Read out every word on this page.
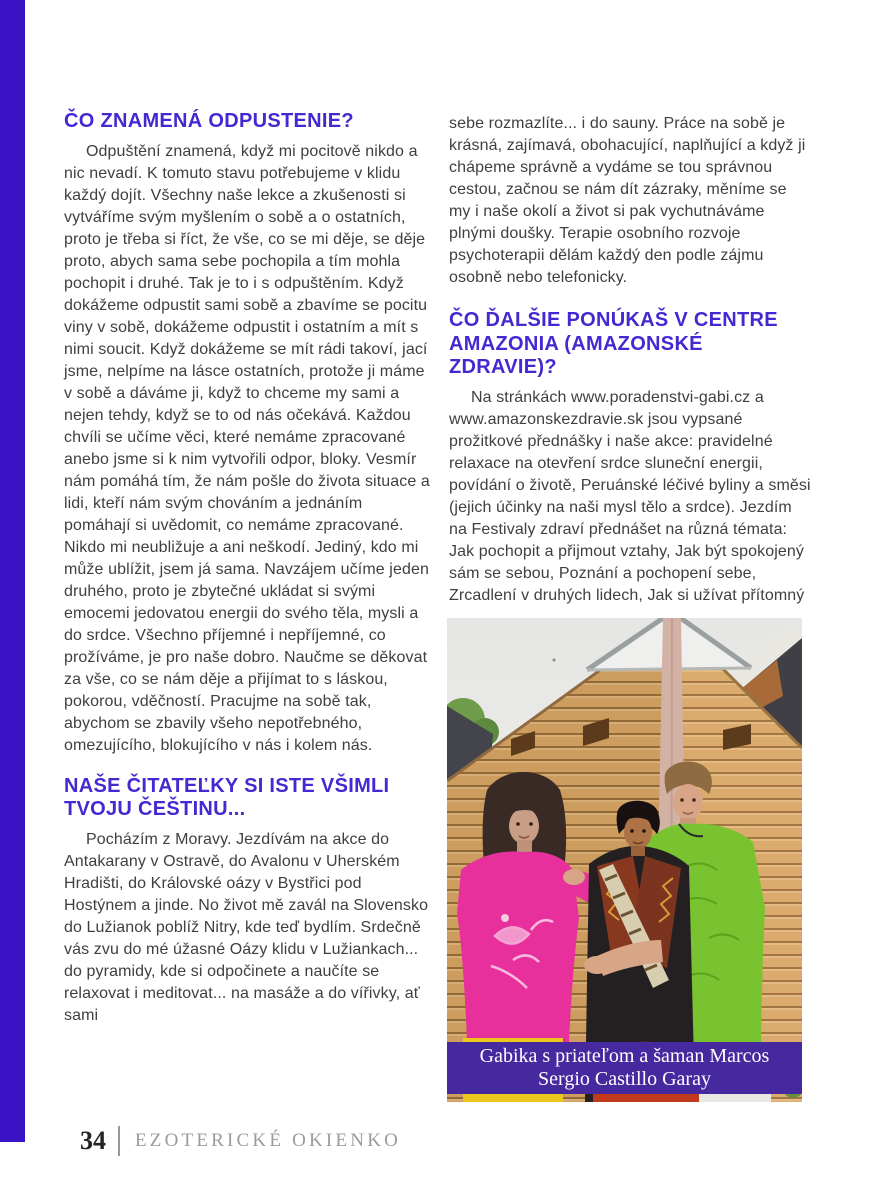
ČO ZNAMENÁ ODPUSTENIE?

Odpuštění znamená, když mi pocitově nikdo a nic nevadí. K tomuto stavu potřebujeme v klidu každý dojít. Všechny naše lekce a zkušenosti si vytváříme svým myšlením o sobě a o ostatních, proto je třeba si říct, že vše, co se mi děje, se děje proto, abych sama sebe pochopila a tím mohla pochopit i druhé. Tak je to i s odpuštěním. Když dokážeme odpustit sami sobě a zbavíme se pocitu viny v sobě, dokážeme odpustit i ostatním a mít s nimi soucit. Když dokážeme se mít rádi takoví, jací jsme, nelpíme na lásce ostatních, protože ji máme v sobě a dáváme ji, když to chceme my sami a nejen tehdy, když se to od nás očekává. Každou chvíli se učíme věci, které nemáme zpracované anebo jsme si k nim vytvořili odpor, bloky. Vesmír nám pomáhá tím, že nám pošle do života situace a lidi, kteří nám svým chováním a jednáním pomáhají si uvědomit, co nemáme zpracované. Nikdo mi neubližuje a ani neškodí. Jediný, kdo mi může ublížit, jsem já sama. Navzájem učíme jeden druhého, proto je zbytečné ukládat si svými emocemi jedovatou energii do svého těla, mysli a do srdce. Všechno příjemné i nepříjemné, co prožíváme, je pro naše dobro. Naučme se děkovat za vše, co se nám děje a přijímat to s láskou, pokorou, vděčností. Pracujme na sobě tak, abychom se zbavily všeho nepotřebného, omezujícího, blokujícího v nás i kolem nás.

NAŠE ČITATEĽKY SI ISTE VŠIMLI TVOJU ČEŠTINU...

Pocházím z Moravy. Jezdívám na akce do Antakarany v Ostravě, do Avalonu v Uherském Hradišti, do Královské oázy v Bystřici pod Hostýnem a jinde. No život mě zavál na Slovensko do Lužianok poblíž Nitry, kde teď bydlím. Srdečně vás zvu do mé úžasné Oázy klidu v Lužiankach... do pyramidy, kde si odpočinete a naučíte se relaxovat i meditovat... na masáže a do vířivky, ať sami

sebe rozmazlíte... i do sauny. Práce na sobě je krásná, zajímavá, obohacující, naplňující a když ji chápeme správně a vydáme se tou správnou cestou, začnou se nám dít zázraky, měníme se my i naše okolí a život si pak vychutnáváme plnými doušky. Terapie osobního rozvoje psychoterapii dělám každý den podle zájmu osobně nebo telefonicky.

ČO ĎALŠIE PONÚKAŠ V CENTRE AMAZONIA (AMAZONSKÉ ZDRAVIE)?

Na stránkách www.poradenstvi-gabi.cz a www.amazonskezdravie.sk jsou vypsané prožitkové přednášky i naše akce: pravidelné relaxace na otevření srdce sluneční energii, povídání o životě, Peruánské léčivé byliny a směsi (jejich účinky na naši mysl tělo a srdce). Jezdím na Festivaly zdraví přednášet na různá témata: Jak pochopit a přijmout vztahy, Jak být spokojený sám se sebou, Poznání a pochopení sebe, Zrcadlení v druhých lidech, Jak si užívat přítomný

Gabika s priateľom a šaman Marcos
Sergio Castillo Garay
34 EZOTERICKÉ OKIENKO
